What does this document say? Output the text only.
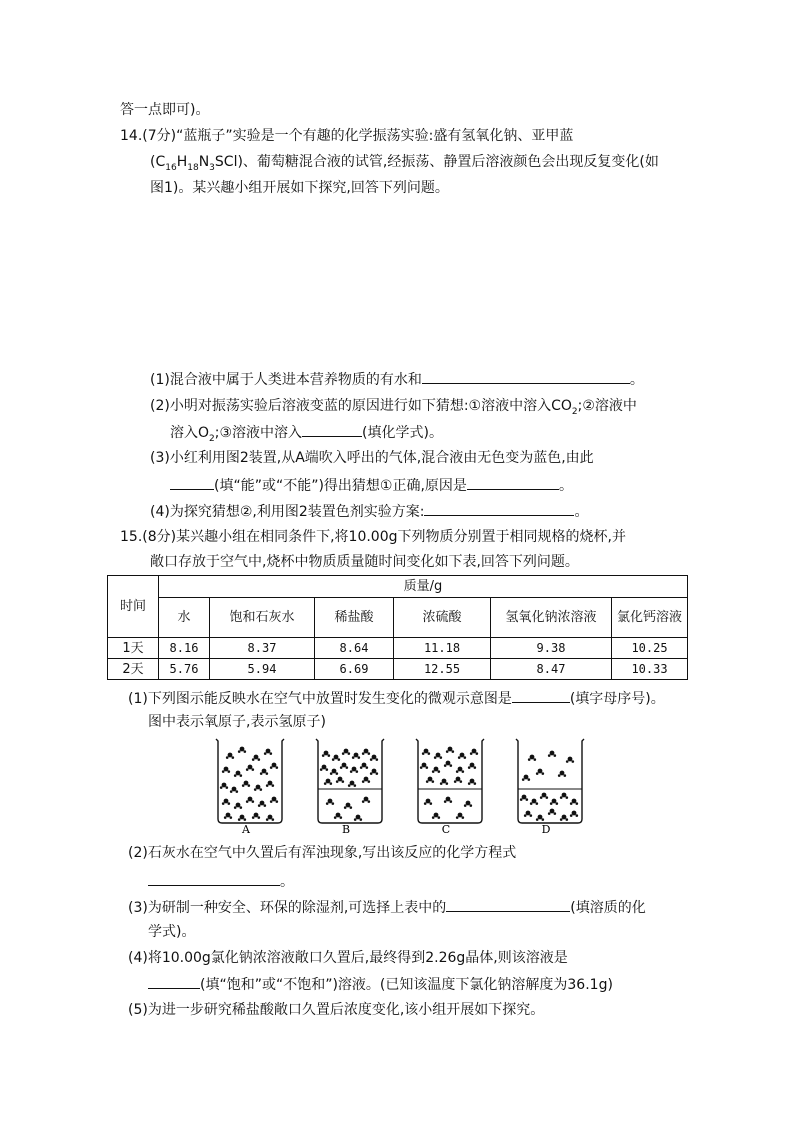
答一点即可)。
14.(7分)“蓝瓶子”实验是一个有趣的化学振荡实验:盛有氢氧化钠、亚甲蓝
$(C_{16}H_{18}N_3SCl)$、葡萄糖混合液的试管,经振荡、静置后溶液颜色会出现反复变化(如
图1)。某兴趣小组开展如下探究,回答下列问题。
(1)混合液中属于人类进本营养物质的有水和	。
(2)小明对振荡实验后溶液变蓝的原因进行如下猜想:①溶液中溶入$CO_2;②$溶液中
溶入$O_2;③$溶液中溶入	(填化学式)。
(3)小红利用图2装置,从A端吹入呼出的气体,混合液由无色变为蓝色,由此
(填“能”或“不能”)得出猜想①正确,原因是	。
(4)为探究猜想②,利用图2装置色剂实验方案:	。
15.(8分)某兴趣小组在相同条件下,将10.00g下列物质分别置于相同规格的烧杯,并
敞口存放于空气中,烧杯中物质质量随时间变化如下表,回答下列问题。
时间	质量/g					
	水	饱和石灰水	稀盐酸	浓硫酸	氢氧化钠浓溶液	氯化钙溶液
1天	8.16	8.37	8.64	11.18	9.38	10.25
2天	5.76	5.94	6.69	12.55	8.47	10.33
(1)下列图示能反映水在空气中放置时发生变化的微观示意图是	(填字母序号)。
图中表示氧原子,表示氢原子)
A	B	C	D
(2)石灰水在空气中久置后有浑浊现象,写出该反应的化学方程式
。
(3)为研制一种安全、环保的除湿剂,可选择上表中的	(填溶质的化
学式)。
(4)将10.00g氯化钠浓溶液敞口久置后,最终得到2.26g晶体,则该溶液是
(填“饱和”或“不饱和”)溶液。(已知该温度下氯化钠溶解度为36.1g)
(5)为进一步研究稀盐酸敞口久置后浓度变化,该小组开展如下探究。
